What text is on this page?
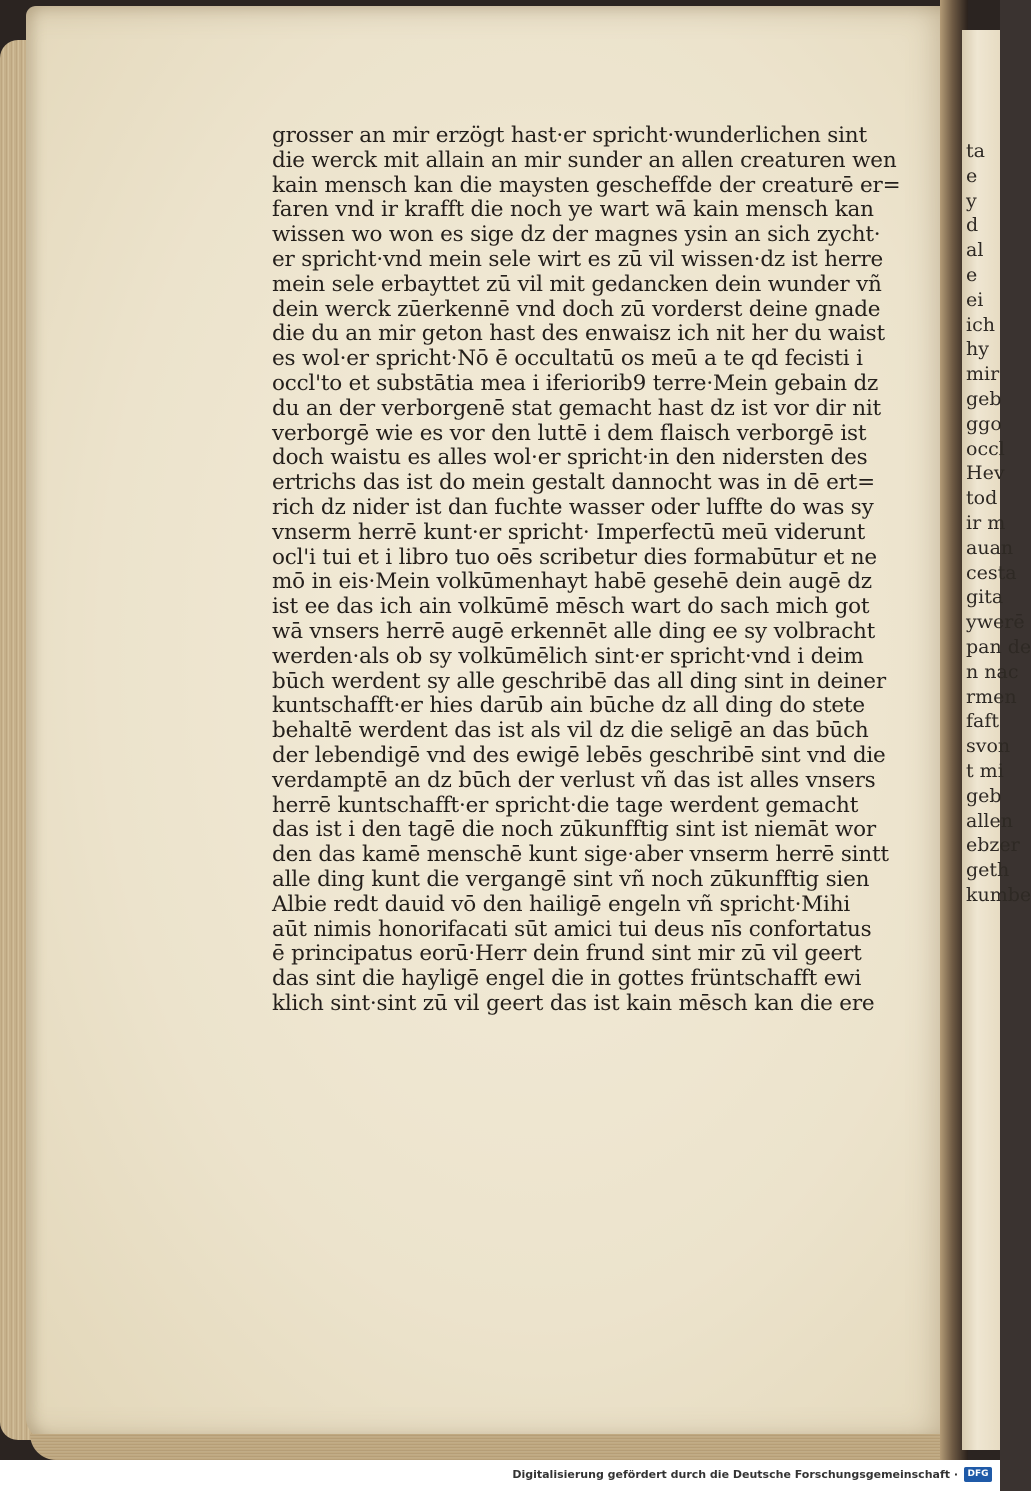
ta
e
y
d
al
e
ei
ich
hy
mir
geb
ggo
occl
Hev
tod
ir m
auan
cesta
gita
ywerē
pan de
n nac
rmen
faft
svon
t mi
geb
allen
ebzer
geth
kumbe
grosser an mir erzögt hast·er spricht·wunderlichen sint
die werck mit allain an mir sunder an allen creaturen wen
kain mensch kan die maysten gescheffde der creaturē er=
faren vnd ir krafft die noch ye wart wā kain mensch kan
wissen wo won es sige dz der magnes ysin an sich zycht·
er spricht·vnd mein sele wirt es zū vil wissen·dz ist herre
mein sele erbayttet zū vil mit gedancken dein wunder vñ
dein werck zūerkennē vnd doch zū vorderst deine gnade
die du an mir geton hast des enwaisz ich nit her du waist
es wol·er spricht·Nō ē occultatū os meū a te qd fecisti i
occl'to et substātia mea i iferiorib9 terre·Mein gebain dz
du an der verborgenē stat gemacht hast dz ist vor dir nit
verborgē wie es vor den luttē i dem flaisch verborgē ist
doch waistu es alles wol·er spricht·in den nidersten des
ertrichs das ist do mein gestalt dannocht was in dē ert=
rich dz nider ist dan fuchte wasser oder luffte do was sy
vnserm herrē kunt·er spricht· Imperfectū meū viderunt
ocl'i tui et i libro tuo oēs scribetur dies formabūtur et ne
mō in eis·Mein volkūmenhayt habē gesehē dein augē dz
ist ee das ich ain volkūmē mēsch wart do sach mich got
wā vnsers herrē augē erkennēt alle ding ee sy volbracht
werden·als ob sy volkūmēlich sint·er spricht·vnd i deim
būch werdent sy alle geschribē das all ding sint in deiner
kuntschafft·er hies darūb ain būche dz all ding do stete
behaltē werdent das ist als vil dz die seligē an das būch
der lebendigē vnd des ewigē lebēs geschribē sint vnd die
verdamptē an dz būch der verlust vñ das ist alles vnsers
herrē kuntschafft·er spricht·die tage werdent gemacht
das ist i den tagē die noch zūkunfftig sint ist niemāt wor
den das kamē menschē kunt sige·aber vnserm herrē sintt
alle ding kunt die vergangē sint vñ noch zūkunfftig sien
Albie redt dauid vō den hailigē engeln vñ spricht·Mihi
aūt nimis honorifacati sūt amici tui deus nīs confortatus
ē principatus eorū·Herr dein frund sint mir zū vil geert
das sint die hayligē engel die in gottes früntschafft ewi
klich sint·sint zū vil geert das ist kain mēsch kan die ere
Digitalisierung gefördert durch die Deutsche Forschungsgemeinschaft ·	DFG
